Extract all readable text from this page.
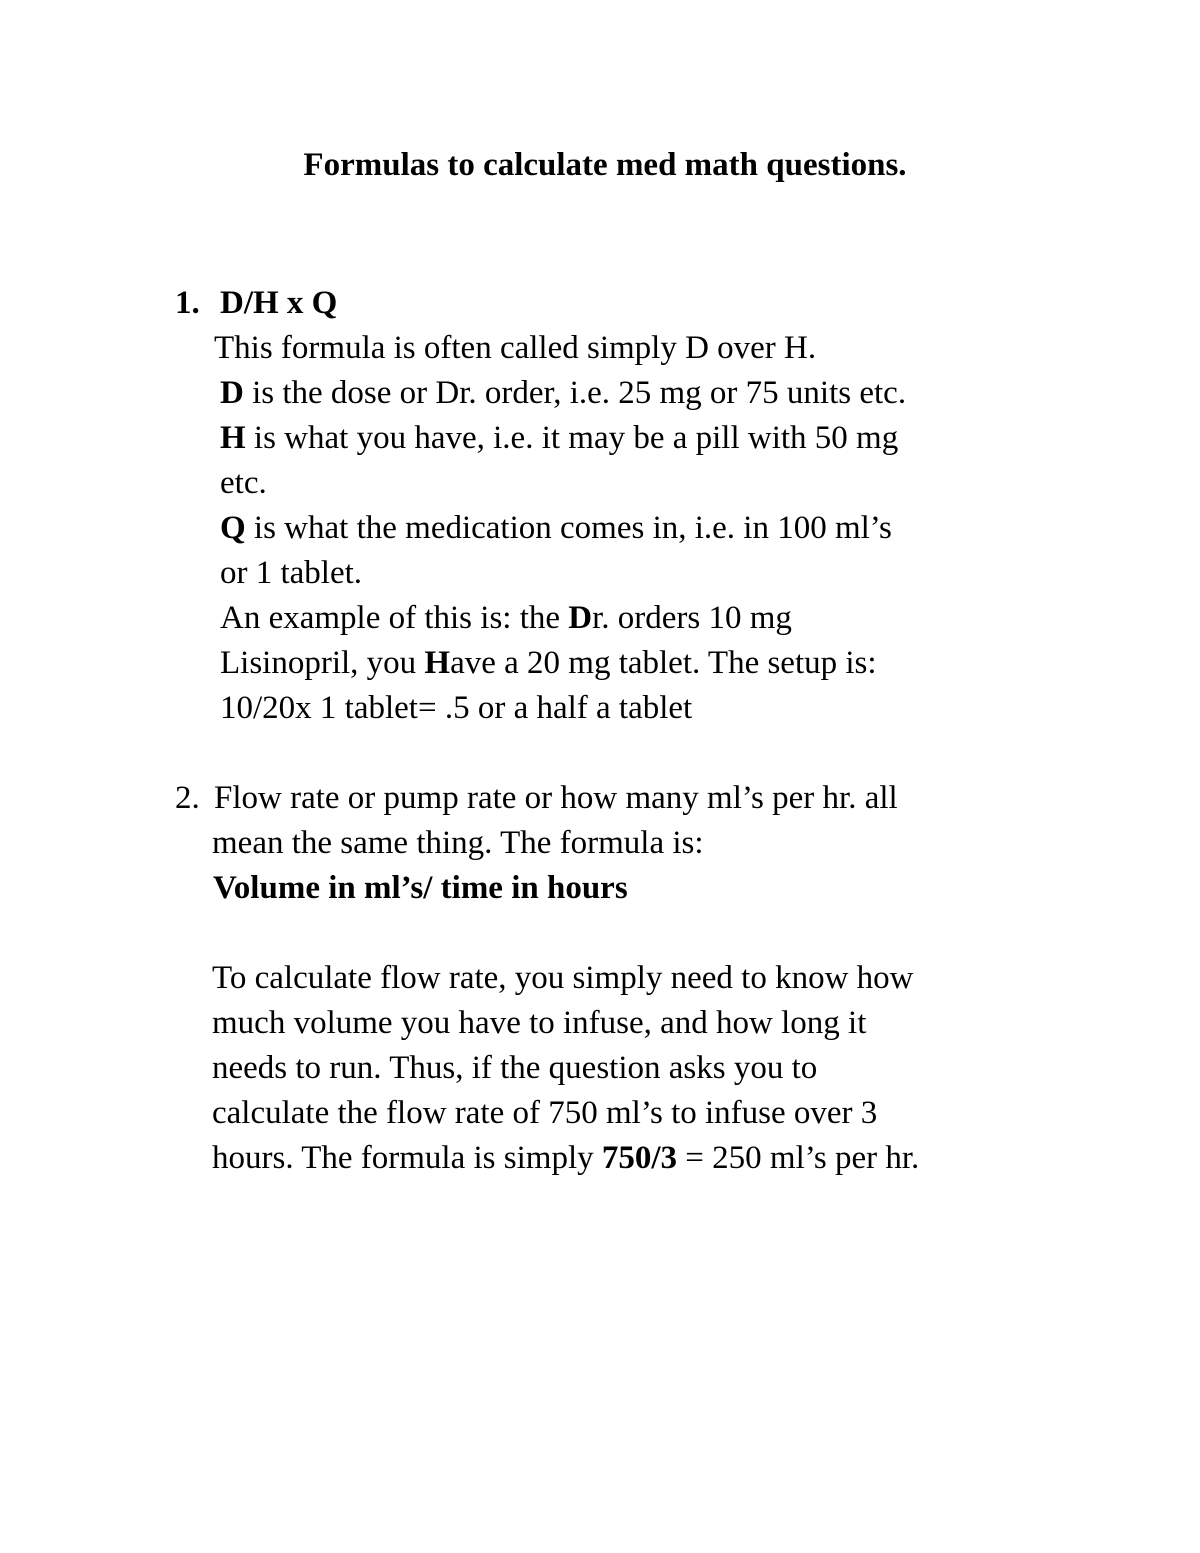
Formulas to calculate med math questions.
1. D/H x Q

This formula is often called simply D over H.

D is the dose or Dr. order, i.e. 25 mg or 75 units etc.

H is what you have, i.e. it may be a pill with 50 mg

etc.

Q is what the medication comes in, i.e. in 100 ml’s

or 1 tablet.

An example of this is: the Dr. orders 10 mg

Lisinopril, you Have a 20 mg tablet. The setup is:

10/20x 1 tablet= .5 or a half a tablet

2. Flow rate or pump rate or how many ml’s per hr. all

mean the same thing. The formula is:

Volume in ml’s/ time in hours

To calculate flow rate, you simply need to know how

much volume you have to infuse, and how long it

needs to run. Thus, if the question asks you to

calculate the flow rate of 750 ml’s to infuse over 3

hours. The formula is simply 750/3 = 250 ml’s per hr.
